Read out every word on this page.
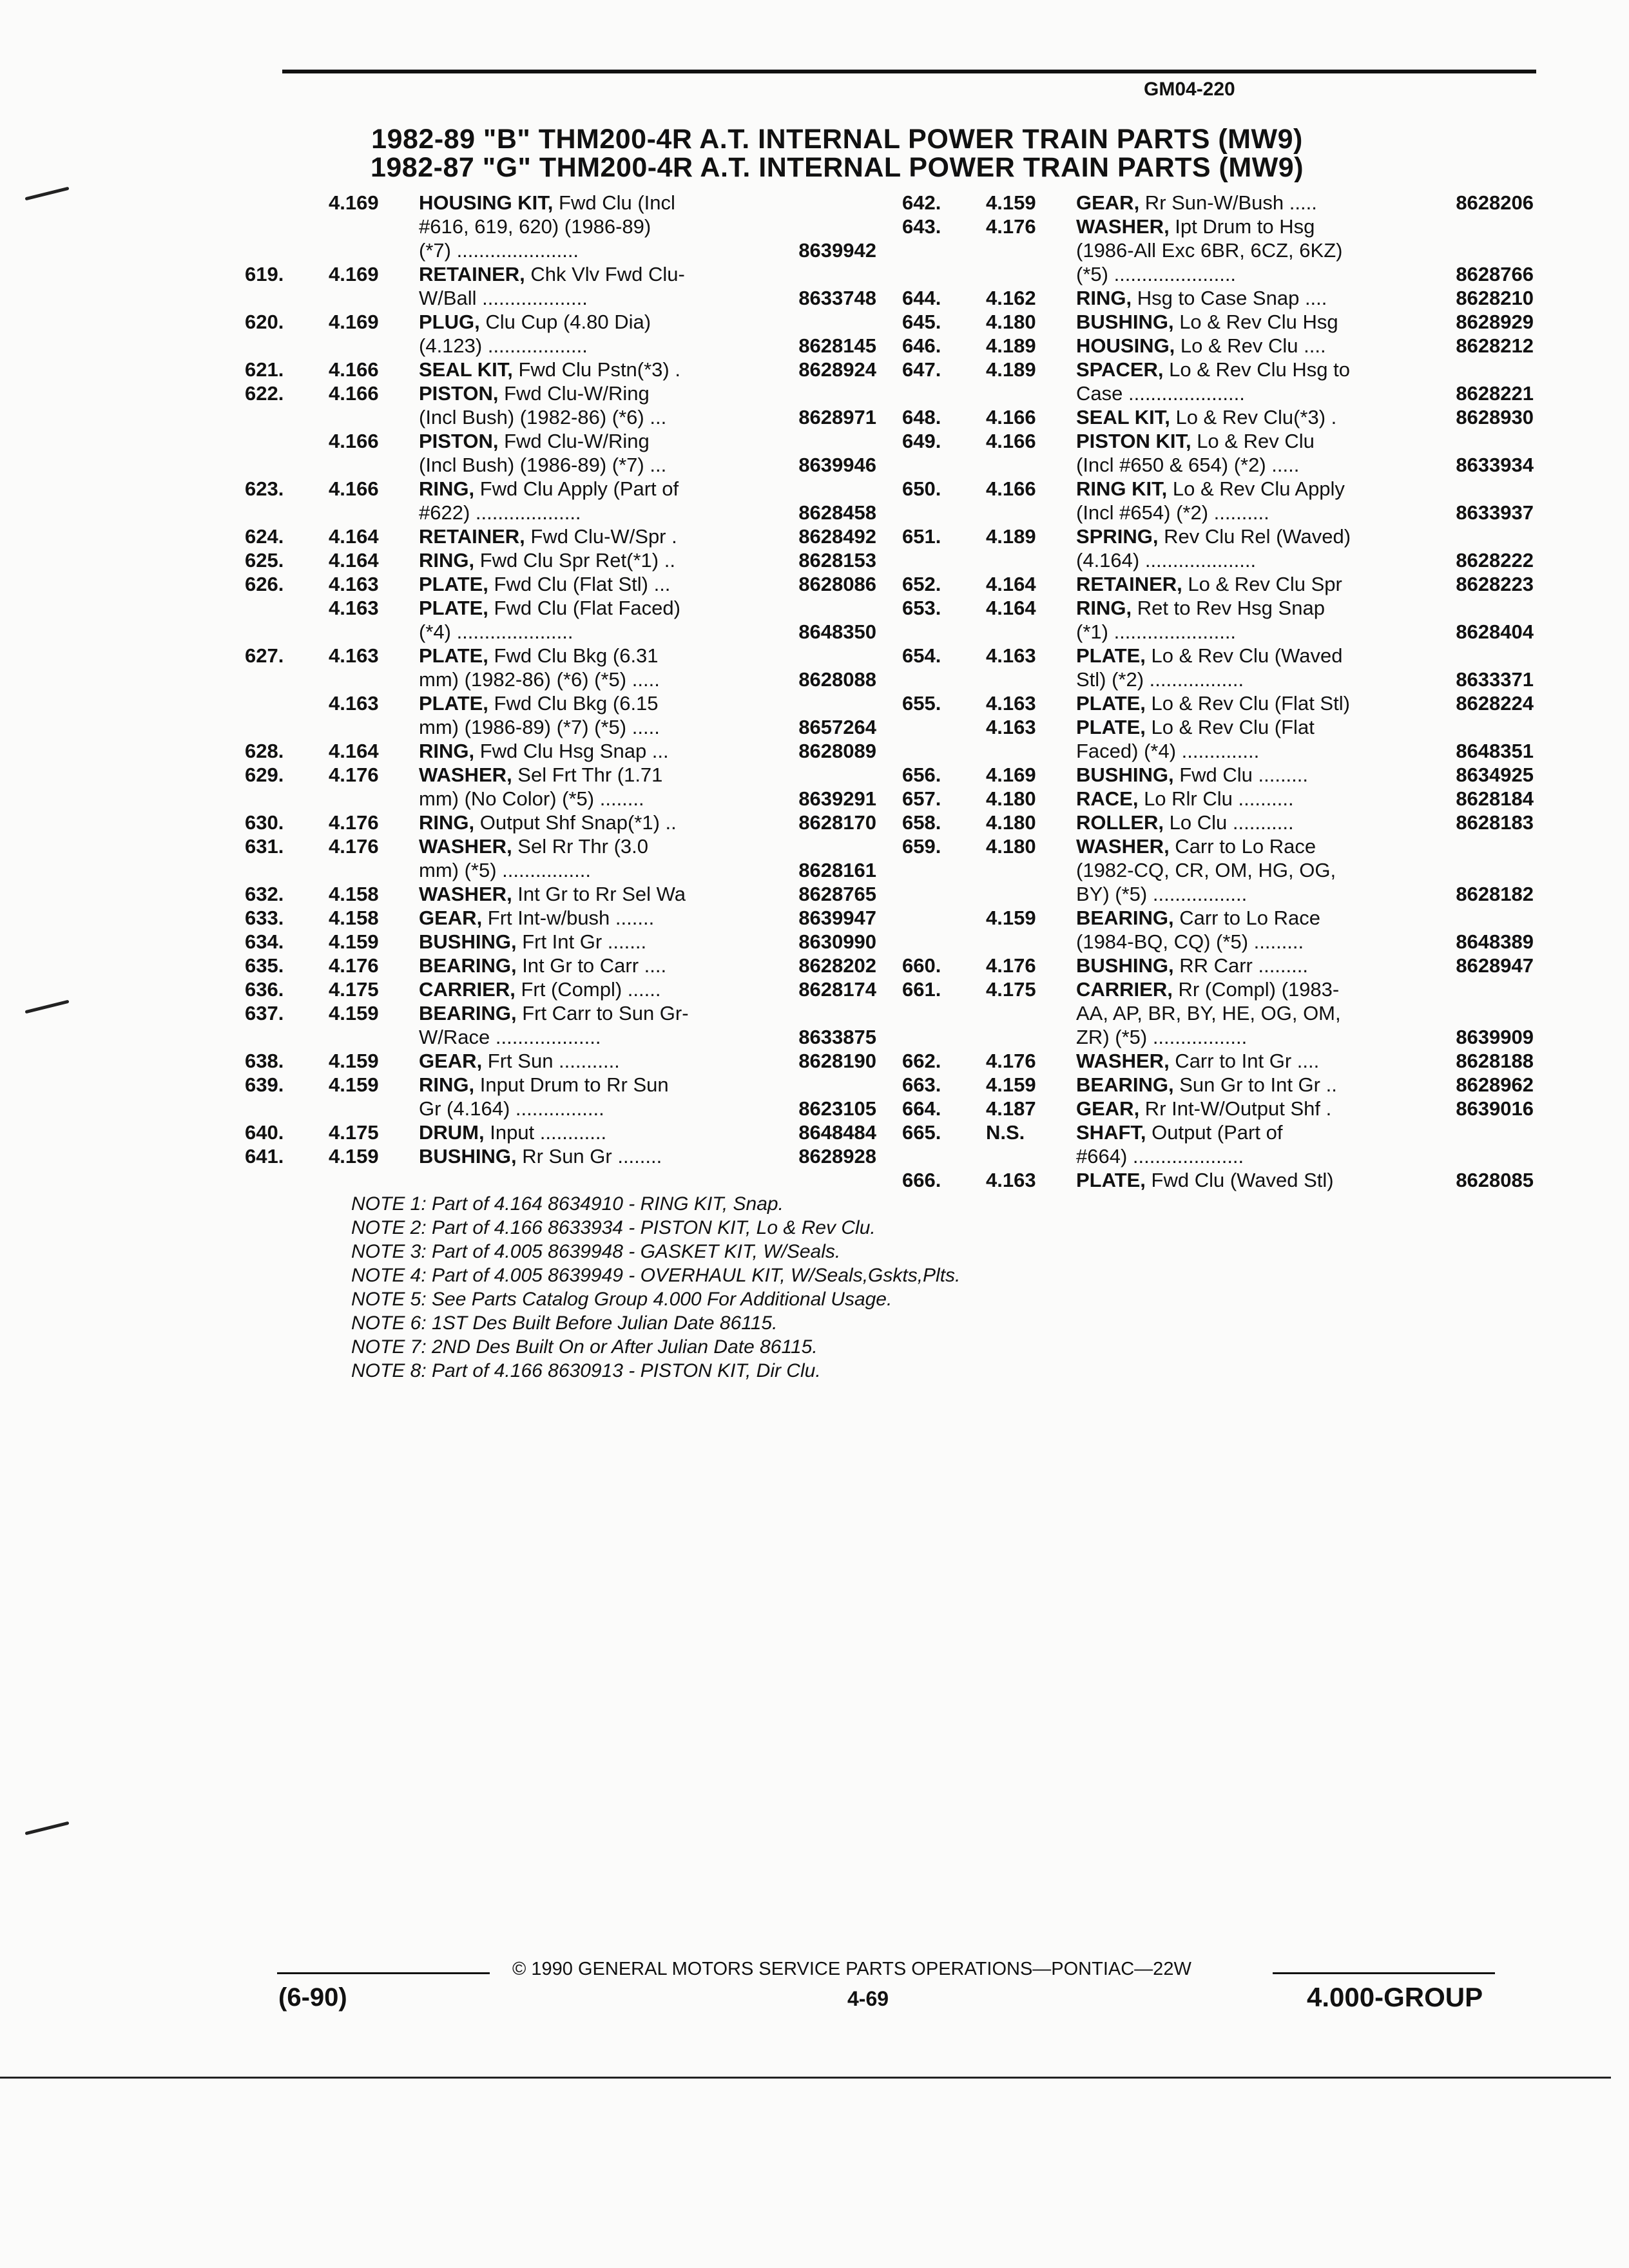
GM04-220
1982-89 "B" THM200-4R A.T. INTERNAL POWER TRAIN PARTS (MW9)
1982-87 "G" THM200-4R A.T. INTERNAL POWER TRAIN PARTS (MW9)
4.169	HOUSING KIT, Fwd Clu (Incl
#616, 619, 620) (1986-89)
(*7) ......................	8639942
619.	4.169	RETAINER, Chk Vlv Fwd Clu-
W/Ball ...................	8633748
620.	4.169	PLUG, Clu Cup (4.80 Dia)
(4.123) ..................	8628145
621.	4.166	SEAL KIT, Fwd Clu Pstn(*3) .	8628924
622.	4.166	PISTON, Fwd Clu-W/Ring
(Incl Bush) (1982-86) (*6) ...	8628971
4.166	PISTON, Fwd Clu-W/Ring
(Incl Bush) (1986-89) (*7) ...	8639946
623.	4.166	RING, Fwd Clu Apply (Part of
#622) ...................	8628458
624.	4.164	RETAINER, Fwd Clu-W/Spr .	8628492
625.	4.164	RING, Fwd Clu Spr Ret(*1) ..	8628153
626.	4.163	PLATE, Fwd Clu (Flat Stl) ...	8628086
4.163	PLATE, Fwd Clu (Flat Faced)
(*4) .....................	8648350
627.	4.163	PLATE, Fwd Clu Bkg (6.31
mm) (1982-86) (*6) (*5) .....	8628088
4.163	PLATE, Fwd Clu Bkg (6.15
mm) (1986-89) (*7) (*5) .....	8657264
628.	4.164	RING, Fwd Clu Hsg Snap ...	8628089
629.	4.176	WASHER, Sel Frt Thr (1.71
mm) (No Color) (*5) ........	8639291
630.	4.176	RING, Output Shf Snap(*1) ..	8628170
631.	4.176	WASHER, Sel Rr Thr (3.0
mm) (*5) ................	8628161
632.	4.158	WASHER, Int Gr to Rr Sel Wa	8628765
633.	4.158	GEAR, Frt Int-w/bush .......	8639947
634.	4.159	BUSHING, Frt Int Gr .......	8630990
635.	4.176	BEARING, Int Gr to Carr ....	8628202
636.	4.175	CARRIER, Frt (Compl) ......	8628174
637.	4.159	BEARING, Frt Carr to Sun Gr-
W/Race ...................	8633875
638.	4.159	GEAR, Frt Sun ...........	8628190
639.	4.159	RING, Input Drum to Rr Sun
Gr (4.164) ................	8623105
640.	4.175	DRUM, Input ............	8648484
641.	4.159	BUSHING, Rr Sun Gr ........	8628928
642.	4.159	GEAR, Rr Sun-W/Bush .....	8628206
643.	4.176	WASHER, Ipt Drum to Hsg
(1986-All Exc 6BR, 6CZ, 6KZ)
(*5) ......................	8628766
644.	4.162	RING, Hsg to Case Snap ....	8628210
645.	4.180	BUSHING, Lo & Rev Clu Hsg	8628929
646.	4.189	HOUSING, Lo & Rev Clu ....	8628212
647.	4.189	SPACER, Lo & Rev Clu Hsg to
Case .....................	8628221
648.	4.166	SEAL KIT, Lo & Rev Clu(*3) .	8628930
649.	4.166	PISTON KIT, Lo & Rev Clu
(Incl #650 & 654) (*2) .....	8633934
650.	4.166	RING KIT, Lo & Rev Clu Apply
(Incl #654) (*2) ..........	8633937
651.	4.189	SPRING, Rev Clu Rel (Waved)
(4.164) ....................	8628222
652.	4.164	RETAINER, Lo & Rev Clu Spr	8628223
653.	4.164	RING, Ret to Rev Hsg Snap
(*1) ......................	8628404
654.	4.163	PLATE, Lo & Rev Clu (Waved
Stl) (*2) .................	8633371
655.	4.163	PLATE, Lo & Rev Clu (Flat Stl)	8628224
4.163	PLATE, Lo & Rev Clu (Flat
Faced) (*4) ..............	8648351
656.	4.169	BUSHING, Fwd Clu .........	8634925
657.	4.180	RACE, Lo Rlr Clu ..........	8628184
658.	4.180	ROLLER, Lo Clu ...........	8628183
659.	4.180	WASHER, Carr to Lo Race
(1982-CQ, CR, OM, HG, OG,
BY) (*5) .................	8628182
4.159	BEARING, Carr to Lo Race
(1984-BQ, CQ) (*5) .........	8648389
660.	4.176	BUSHING, RR Carr .........	8628947
661.	4.175	CARRIER, Rr (Compl) (1983-
AA, AP, BR, BY, HE, OG, OM,
ZR) (*5) .................	8639909
662.	4.176	WASHER, Carr to Int Gr ....	8628188
663.	4.159	BEARING, Sun Gr to Int Gr ..	8628962
664.	4.187	GEAR, Rr Int-W/Output Shf .	8639016
665.	N.S.	SHAFT, Output (Part of
#664) ....................
666.	4.163	PLATE, Fwd Clu (Waved Stl)	8628085
NOTE 1: Part of 4.164 8634910 - RING KIT, Snap.
NOTE 2: Part of 4.166 8633934 - PISTON KIT, Lo & Rev Clu.
NOTE 3: Part of 4.005 8639948 - GASKET KIT, W/Seals.
NOTE 4: Part of 4.005 8639949 - OVERHAUL KIT, W/Seals,Gskts,Plts.
NOTE 5: See Parts Catalog Group 4.000 For Additional Usage.
NOTE 6: 1ST Des Built Before Julian Date 86115.
NOTE 7: 2ND Des Built On or After Julian Date 86115.
NOTE 8: Part of 4.166 8630913 - PISTON KIT, Dir Clu.
© 1990 GENERAL MOTORS SERVICE PARTS OPERATIONS—PONTIAC—22W
(6-90)	4-69	4.000-GROUP
